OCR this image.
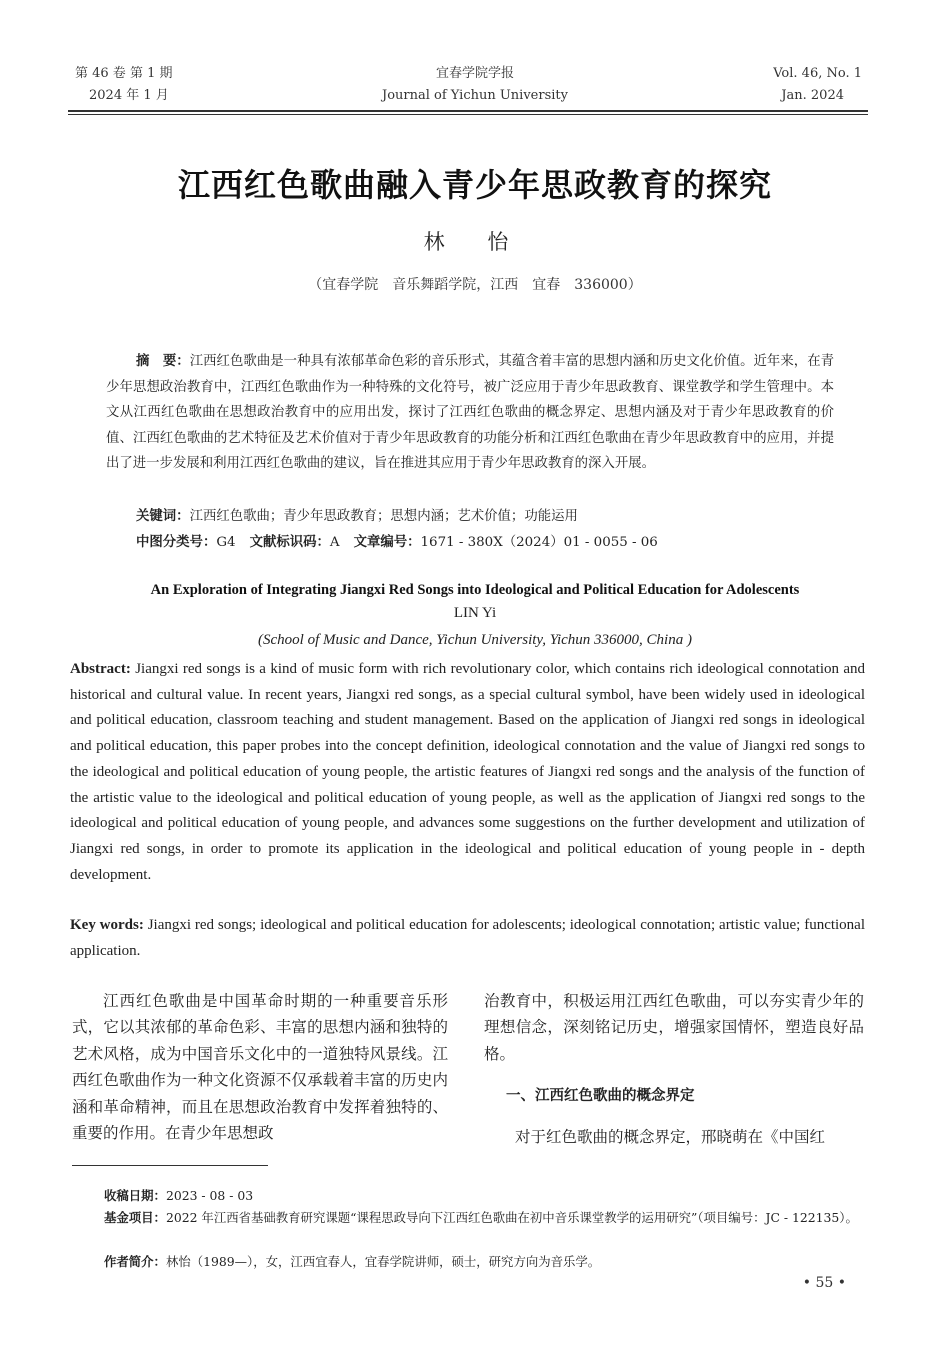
第 46 卷 第 1 期
2024 年 1 月
宜春学院学报
Journal of Yichun University
Vol. 46, No. 1
Jan. 2024
江西红色歌曲融入青少年思政教育的探究
林 怡
（宜春学院　音乐舞蹈学院，江西　宜春　336000）
摘　要：江西红色歌曲是一种具有浓郁革命色彩的音乐形式，其蕴含着丰富的思想内涵和历史文化价值。近年来，在青少年思想政治教育中，江西红色歌曲作为一种特殊的文化符号，被广泛应用于青少年思政教育、课堂教学和学生管理中。本文从江西红色歌曲在思想政治教育中的应用出发，探讨了江西红色歌曲的概念界定、思想内涵及对于青少年思政教育的价值、江西红色歌曲的艺术特征及艺术价值对于青少年思政教育的功能分析和江西红色歌曲在青少年思政教育中的应用，并提出了进一步发展和利用江西红色歌曲的建议，旨在推进其应用于青少年思政教育的深入开展。
关键词：江西红色歌曲；青少年思政教育；思想内涵；艺术价值；功能运用
中图分类号：G4 文献标识码：A 文章编号：1671 - 380X（2024）01 - 0055 - 06
An Exploration of Integrating Jiangxi Red Songs into Ideological and Political Education for Adolescents
LIN Yi
(School of Music and Dance, Yichun University, Yichun 336000, China )
Abstract: Jiangxi red songs is a kind of music form with rich revolutionary color, which contains rich ideological connotation and historical and cultural value. In recent years, Jiangxi red songs, as a special cultural symbol, have been widely used in ideological and political education, classroom teaching and student management. Based on the application of Jiangxi red songs in ideological and political education, this paper probes into the concept definition, ideological connotation and the value of Jiangxi red songs to the ideological and political education of young people, the artistic features of Jiangxi red songs and the analysis of the function of the artistic value to the ideological and political education of young people, as well as the application of Jiangxi red songs to the ideological and political education of young people, and advances some suggestions on the further development and utilization of Jiangxi red songs, in order to promote its application in the ideological and political education of young people in - depth development.
Key words: Jiangxi red songs; ideological and political education for adolescents; ideological connotation; artistic value; functional application.

江西红色歌曲是中国革命时期的一种重要音乐形式，它以其浓郁的革命色彩、丰富的思想内涵和独特的艺术风格，成为中国音乐文化中的一道独特风景线。江西红色歌曲作为一种文化资源不仅承载着丰富的历史内涵和革命精神，而且在思想政治教育中发挥着独特的、重要的作用。在青少年思想政

治教育中，积极运用江西红色歌曲，可以夯实青少年的理想信念，深刻铭记历史，增强家国情怀，塑造良好品格。

一、江西红色歌曲的概念界定

对于红色歌曲的概念界定，邢晓萌在《中国红

收稿日期：2023 - 08 - 03
基金项目：2022 年江西省基础教育研究课题“课程思政导向下江西红色歌曲在初中音乐课堂教学的运用研究”（项目编号：JC - 122135）。
作者简介：林怡（1989—），女，江西宜春人，宜春学院讲师，硕士，研究方向为音乐学。
• 55 •
